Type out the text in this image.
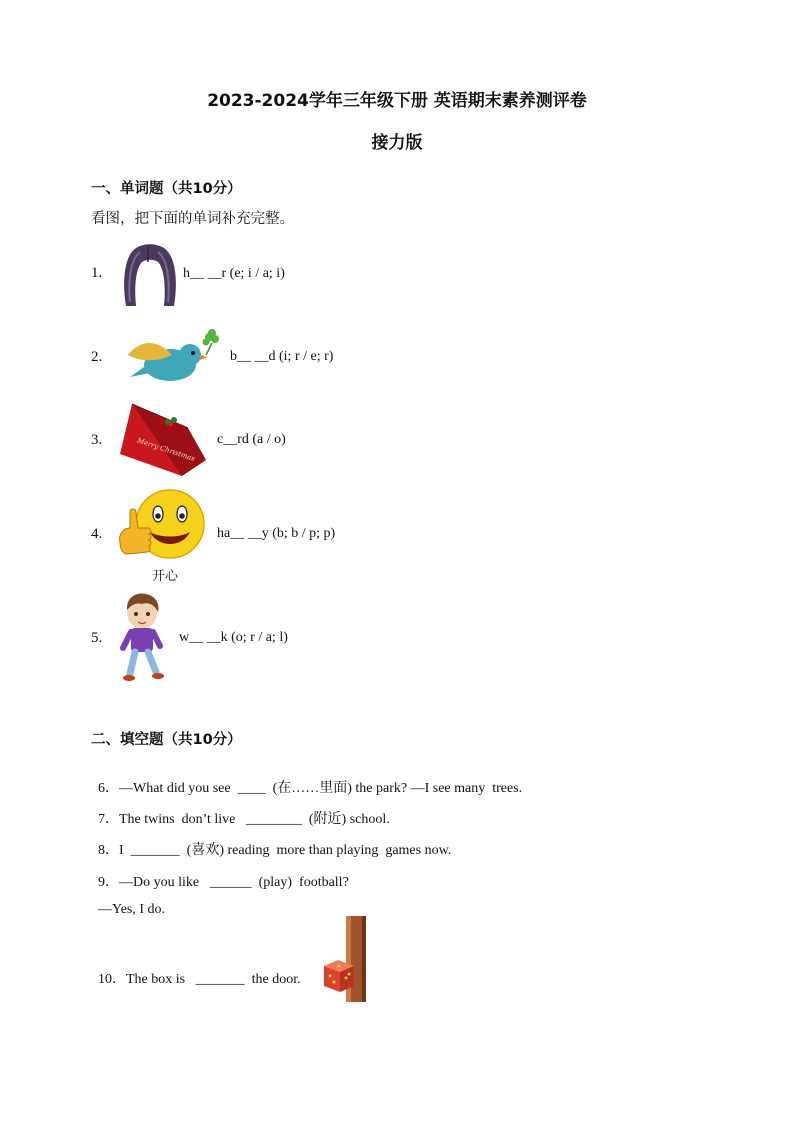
2023-2024学年三年级下册 英语期末素养测评卷
接力版
一、单词题（共10分）
看图，把下面的单词补充完整。
1.	h__ __r (e; i / a; i)
2.	b__ __d (i; r / e; r)
3.	Merry Christmas c__rd (a / o)
4.
开心
ha__ __y (b; b / p; p)
5.	w__ __k (o; r / a; l)
二、填空题（共10分）

6．—What did you see  ____  (在……里面) the park? —I see many  trees.

7．The twins  don’t live   ________  (附近) school.

8．I  _______  (喜欢) reading  more than playing  games now.

9．—Do you like   ______  (play)  football?

—Yes, I do.

10．The box is   _______  the door.
